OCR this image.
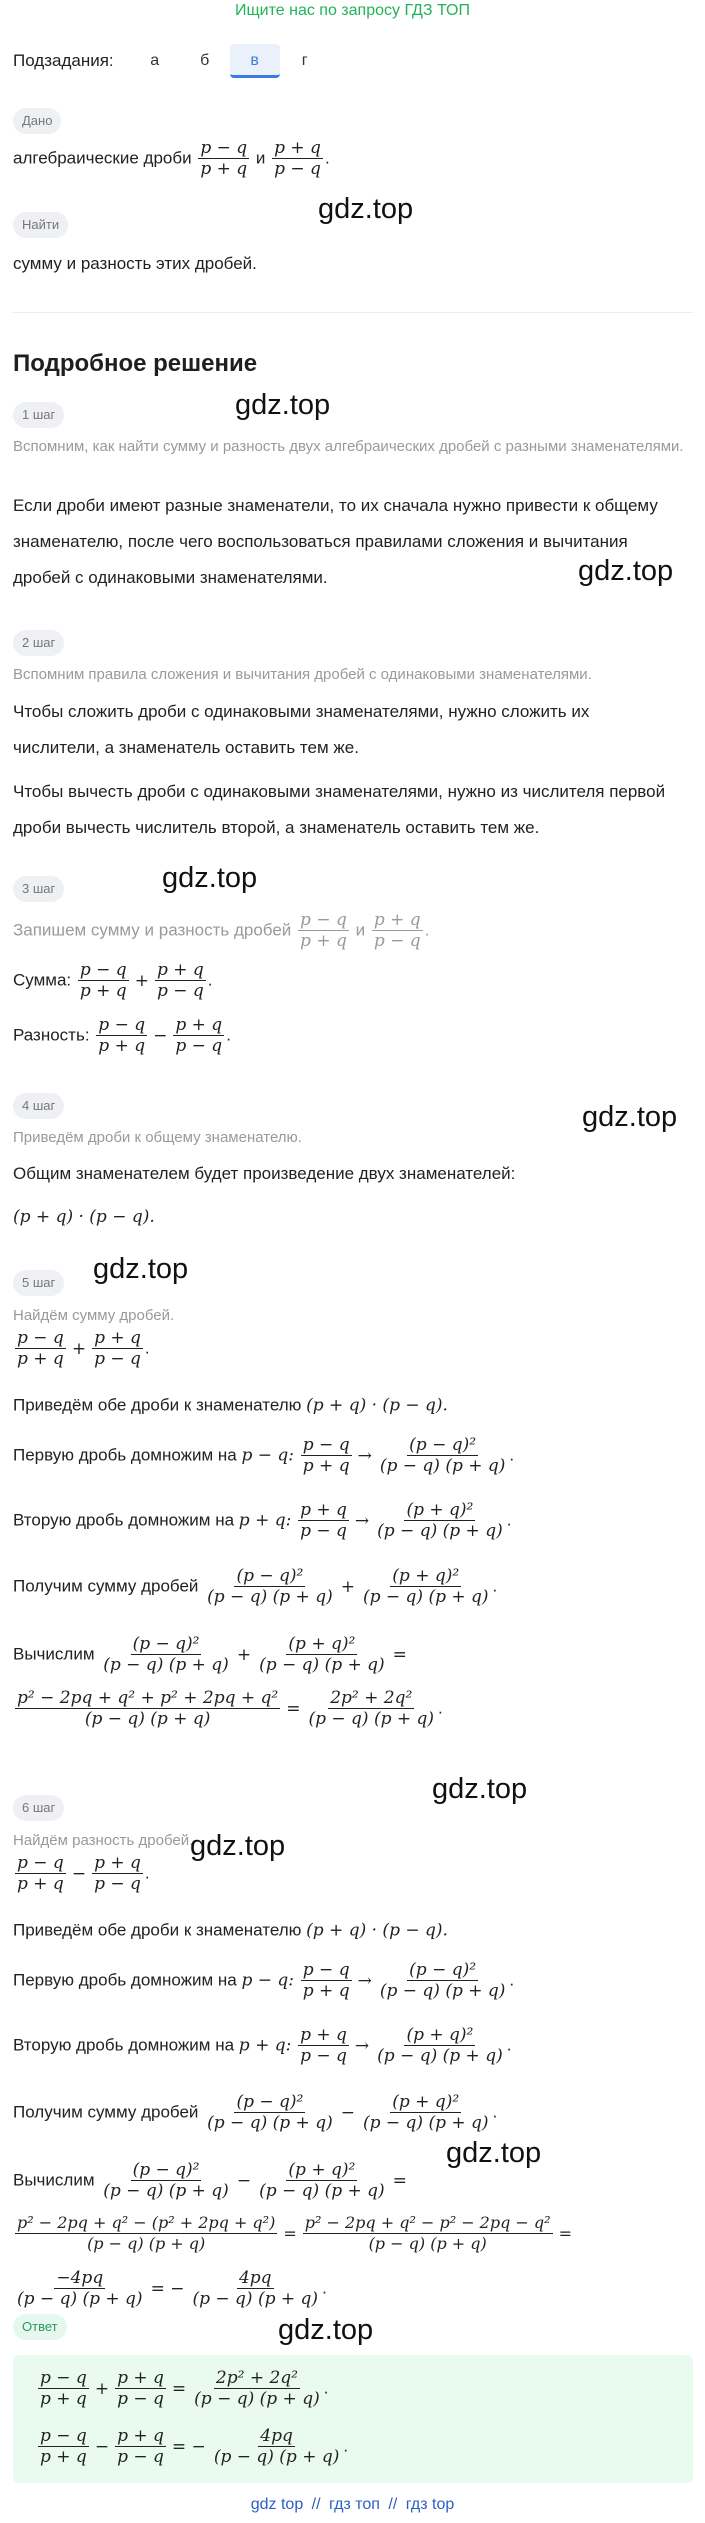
Ищите нас по запросу ГДЗ ТОП
Подзадания:	а	б	в	г
Дано
алгебраические дроби $\frac{p - q}{p + q}$ и $\frac{p + q}{p - q}$ .
Найти
сумму и разность этих дробей.
Подробное решение
1 шаг
Вспомним, как найти сумму и разность двух алгебраических дробей с разными знаменателями.
Если дроби имеют разные знаменатели, то их сначала нужно привести к общему знаменателю, после чего воспользоваться правилами сложения и вычитания дробей с одинаковыми знаменателями.
2 шаг
Вспомним правила сложения и вычитания дробей с одинаковыми знаменателями.
Чтобы сложить дроби с одинаковыми знаменателями, нужно сложить их числители, а знаменатель оставить тем же.
Чтобы вычесть дроби с одинаковыми знаменателями, нужно из числителя первой дроби вычесть числитель второй, а знаменатель оставить тем же.
3 шаг
Запишем сумму и разность дробей $\frac{p - q}{p + q}$ и $\frac{p + q}{p - q}$ .
Сумма: $\frac{p - q}{p + q} + \frac{p + q}{p - q}$ .
Разность: $\frac{p - q}{p + q} - \frac{p + q}{p - q}$ .
4 шаг
Приведём дроби к общему знаменателю.
Общим знаменателем будет произведение двух знаменателей:
(p + q) · (p − q).
5 шаг
Найдём сумму дробей.
$\frac{p - q}{p + q} + \frac{p + q}{p - q}$ .
Приведём обе дроби к знаменателю (p + q) · (p − q).
Первую дробь домножим на p − q: $\frac{p - q}{p + q} \to \frac{\text{(p − q)²}}{(p - q) (p + q)}$ .
Вторую дробь домножим на p + q: $\frac{p + q}{p - q} \to \frac{\text{(p + q)²}}{(p - q) (p + q)}$ .
Получим сумму дробей $\frac{\text{(p − q)²}}{(p - q) (p + q)} + \frac{\text{(p + q)²}}{(p - q) (p + q)}$ .
Вычислим $\frac{\text{(p − q)²}}{(p - q) (p + q)} + \frac{\text{(p + q)²}}{(p - q) (p + q)}$ =
$\frac{\text{p² − 2pq + q² + p² + 2pq + q²}}{(p - q) (p + q)} = \frac{\text{2p² + 2q²}}{(p - q) (p + q)}$ .
6 шаг
Найдём разность дробей.
$\frac{p - q}{p + q} - \frac{p + q}{p - q}$ .
Приведём обе дроби к знаменателю (p + q) · (p − q).
Первую дробь домножим на p − q: $\frac{p - q}{p + q} \to \frac{\text{(p − q)²}}{(p - q) (p + q)}$ .
Вторую дробь домножим на p + q: $\frac{p + q}{p - q} \to \frac{\text{(p + q)²}}{(p - q) (p + q)}$ .
Получим сумму дробей $\frac{\text{(p − q)²}}{(p - q) (p + q)} - \frac{\text{(p + q)²}}{(p - q) (p + q)}$ .
Вычислим $\frac{\text{(p − q)²}}{(p - q) (p + q)} - \frac{\text{(p + q)²}}{(p - q) (p + q)}$ =
$\frac{\text{p² − 2pq + q² − (p² + 2pq + q²)}}{(p - q) (p + q)} = \frac{\text{p² − 2pq + q² − p² − 2pq − q²}}{(p - q) (p + q)}$ =
$\frac{-4pq}{(p - q) (p + q)}$ = − $\frac{4pq}{(p - q) (p + q)}$ .
Ответ
$\frac{p - q}{p + q} + \frac{p + q}{p - q} = \frac{\text{2p² + 2q²}}{(p - q) (p + q)}$ .
$\frac{p - q}{p + q} - \frac{p + q}{p - q}$ = − $\frac{4pq}{(p - q) (p + q)}$ .
gdz.top
gdz.top
gdz.top
gdz.top
gdz.top
gdz.top
gdz.top
gdz.top
gdz.top
gdz.top
gdz top // гдз топ // гдз top
